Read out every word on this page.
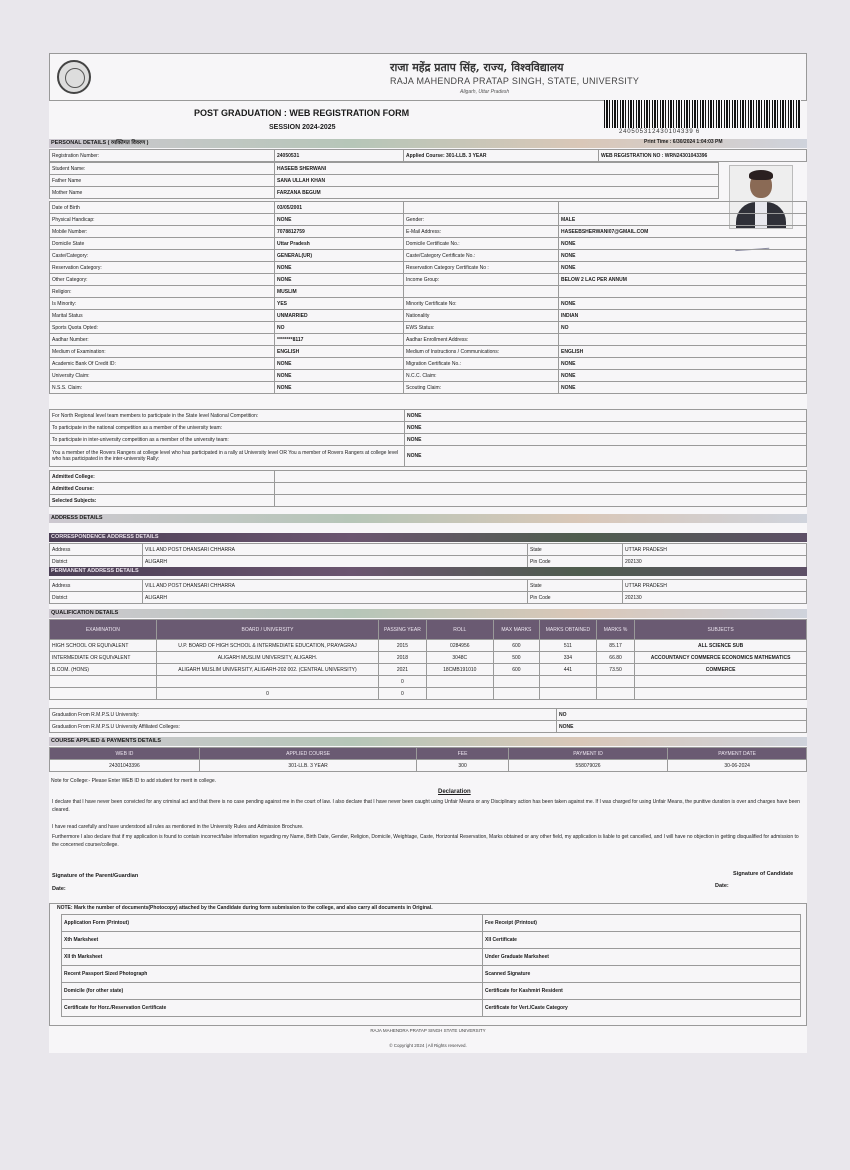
राजा महेंद्र प्रताप सिंह, राज्य, विश्वविद्यालय
RAJA MAHENDRA PRATAP SINGH, STATE, UNIVERSITY
Aligarh, Uttar Pradesh
POST GRADUATION : WEB REGISTRATION FORM
SESSION 2024-2025
240505312430104339 6
PERSONAL DETAILS ( व्यक्तिगत विवरण )	Print Time : 6/30/2024 1:04:03 PM
Registration Number:	24050531	Applied Course: 301-LLB. 3 YEAR	WEB REGISTRATION NO : WRN24301043396
Student Name:	HASEEB SHERWANI
Father Name	SANA ULLAH KHAN
Mother Name	FARZANA BEGUM
Date of Birth	03/05/2001		
Physical Handicap:	NONE	Gender:	MALE
Mobile Number:	7078812759	E-Mail Address:	HASEEBSHERWANI07@GMAIL.COM
Domicile State	Uttar Pradesh	Domicile Certificate No.:	NONE
Caste/Category:	GENERAL(UR)	Caste/Category Certificate No.:	NONE
Reservation Category:	NONE	Reservation Category Certificate No :	NONE
Other Category:	NONE	Income Group:	BELOW 2 LAC PER ANNUM
Religion:	MUSLIM		
Is Minority:	YES	Minority Certificate No:	NONE
Marital Status	UNMARRIED	Nationality	INDIAN
Sports Quota Opted:	NO	EWS Status:	NO
Aadhar Number:	********8117	Aadhar Enrollment Address:	
Medium of Examination:	ENGLISH	Medium of Instructions / Communications:	ENGLISH
Academic Bank Of Credit ID:	NONE	Migration Certificate No.:	NONE
University Claim:	NONE	N.C.C. Claim:	NONE
N.S.S. Claim:	NONE	Scouting Claim:	NONE
For North Regional level team members to participate in the State level National Competition:	NONE
To participate in the national competition as a member of the university team:	NONE
To participate in inter-university competition as a member of the university team:	NONE
You a member of the Rovers Rangers at college level who has participated in a rally at University level OR You a member of Rovers Rangers at college level who has participated in the inter-university Rally:	NONE
Admitted College:	
Admitted Course:	
Selected Subjects:	
ADDRESS DETAILS
CORRESPONDENCE ADDRESS DETAILS
Address	VILL AND POST DHANSARI CHHARRA	State	UTTAR PRADESH
District	ALIGARH	Pin Code	202130
PERMANENT ADDRESS DETAILS
Address	VILL AND POST DHANSARI CHHARRA	State	UTTAR PRADESH
District	ALIGARH	Pin Code	202130
QUALIFICATION DETAILS
EXAMINATION	BOARD / UNIVERSITY	PASSING YEAR	ROLL	MAX MARKS	MARKS OBTAINED	MARKS %	SUBJECTS
HIGH SCHOOL OR EQUIVALENT	U.P. BOARD OF HIGH SCHOOL & INTERMEDIATE EDUCATION, PRAYAGRAJ	2015	0284956	600	511	85.17	ALL SCIENCE SUB
INTERMEDIATE OR EQUIVALENT	ALIGARH MUSLIM UNIVERSITY, ALIGARH.	2018	3048C	500	334	66.80	ACCOUNTANCY COMMERCE ECONOMICS MATHEMATICS
B.COM. (HONS)	ALIGARH MUSLIM UNIVERSITY, ALIGARH-202 002. (CENTRAL UNIVERSITY)	2021	18CMB191010	600	441	73.50	COMMERCE
		0					
	0	0					
Graduation From R.M.P.S.U University:	NO
Graduation From R.M.P.S.U University Affiliated Colleges:	NONE
COURSE APPLIED & PAYMENTS DETAILS
WEB ID	APPLIED COURSE	FEE	PAYMENT ID	PAYMENT DATE
24301043396	301-LLB. 3 YEAR	300	558079026	30-06-2024
Note for College:- Please Enter WEB ID to add student for merit in college.
Declaration
I declare that I have never been convicted for any criminal act and that there is no case pending against me in the court of law. I also declare that I have never been caught using Unfair Means or any Disciplinary action has been taken against me. If I was charged for using Unfair Means, the punitive duration is over and charges have been cleared.
I have read carefully and have understood all rules as mentioned in the University Rules and Admission Brochure.
Furthermore I also declare that if my application is found to contain incorrect/false information regarding my Name, Birth Date, Gender, Religion, Domicile, Weightage, Caste, Horizontal Reservation, Marks obtained or any other field, my application is liable to get cancelled, and I will have no objection in getting disqualified for admission to the concerned course/college.
Signature of the Parent/Guardian
Date:
Signature of Candidate
Date:
NOTE: Mark the number of documents(Photocopy) attached by the Candidate during form submission to the college, and also carry all documents in Original.
Application Form (Printout)	Fee Receipt (Printout)
Xth Marksheet	XII Certificate
XII th Marksheet	Under Graduate Marksheet
Recent Passport Sized Photograph	Scanned Signature
Domicile (for other state)	Certificate for Kashmiri Resident
Certificate for Horz./Reservation Certificate	Certificate for Vert./Caste Category
RAJA MAHENDRA PRATAP SINGH STATE UNIVERSITY
© Copyright 2024 | All Rights reserved.
